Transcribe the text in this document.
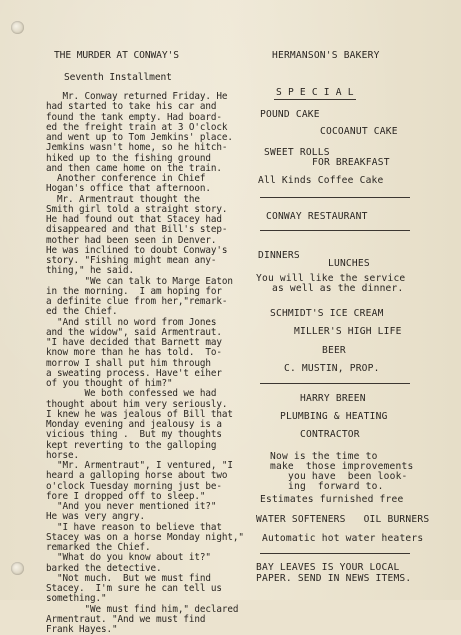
THE MURDER AT CONWAY'S
Seventh Installment
Mr. Conway returned Friday. He
had started to take his car and
found the tank empty. Had board-
ed the freight train at 3 O'clock
and went up to Tom Jemkins' place.
Jemkins wasn't home, so he hitch-
hiked up to the fishing ground
and then came home on the train.
Another conference in Chief
Hogan's office that afternoon.
Mr. Armentraut thought the
Smith girl told a straight story.
He had found out that Stacey had
disappeared and that Bill's step-
mother had been seen in Denver.
He was inclined to doubt Conway's
story. "Fishing might mean any-
thing," he said.
"We can talk to Marge Eaton
in the morning.  I am hoping for
a definite clue from her,"remark-
ed the Chief.
"And still no word from Jones
and the widow", said Armentraut.
"I have decided that Barnett may
know more than he has told.  To-
morrow I shall put him through
a sweating process. Have't eiher
of you thought of him?"
We both confessed we had
thought about him very seriously.
I knew he was jealous of Bill that
Monday evening and jealousy is a
vicious thing .  But my thoughts
kept reverting to the galloping
horse.
"Mr. Armentraut", I ventured, "I
heard a galloping horse about two
o'clock Tuesday morning just be-
fore I dropped off to sleep."
"And you never mentioned it?"
He was very angry.
"I have reason to believe that
Stacey was on a horse Monday night,"
remarked the Chief.
"What do you know about it?"
barked the detective.
"Not much.  But we must find
Stacey.  I'm sure he can tell us
something."
"We must find him," declared
Armentraut. "And we must find
Frank Hayes."
HERMANSON'S BAKERY
S P E C I A L
POUND CAKE
COCOANUT CAKE
SWEET ROLLS
FOR BREAKFAST
All Kinds Coffee Cake
CONWAY RESTAURANT
DINNERS
LUNCHES
You will like the service
as well as the dinner.
SCHMIDT'S ICE CREAM
MILLER'S HIGH LIFE
BEER
C. MUSTIN, PROP.
HARRY BREEN
PLUMBING & HEATING
CONTRACTOR
Now is the time to
make  those improvements
you have  been look-
ing  forward to.
Estimates furnished free
WATER SOFTENERS   OIL BURNERS
Automatic hot water heaters
BAY LEAVES IS YOUR LOCAL
PAPER. SEND IN NEWS ITEMS.
